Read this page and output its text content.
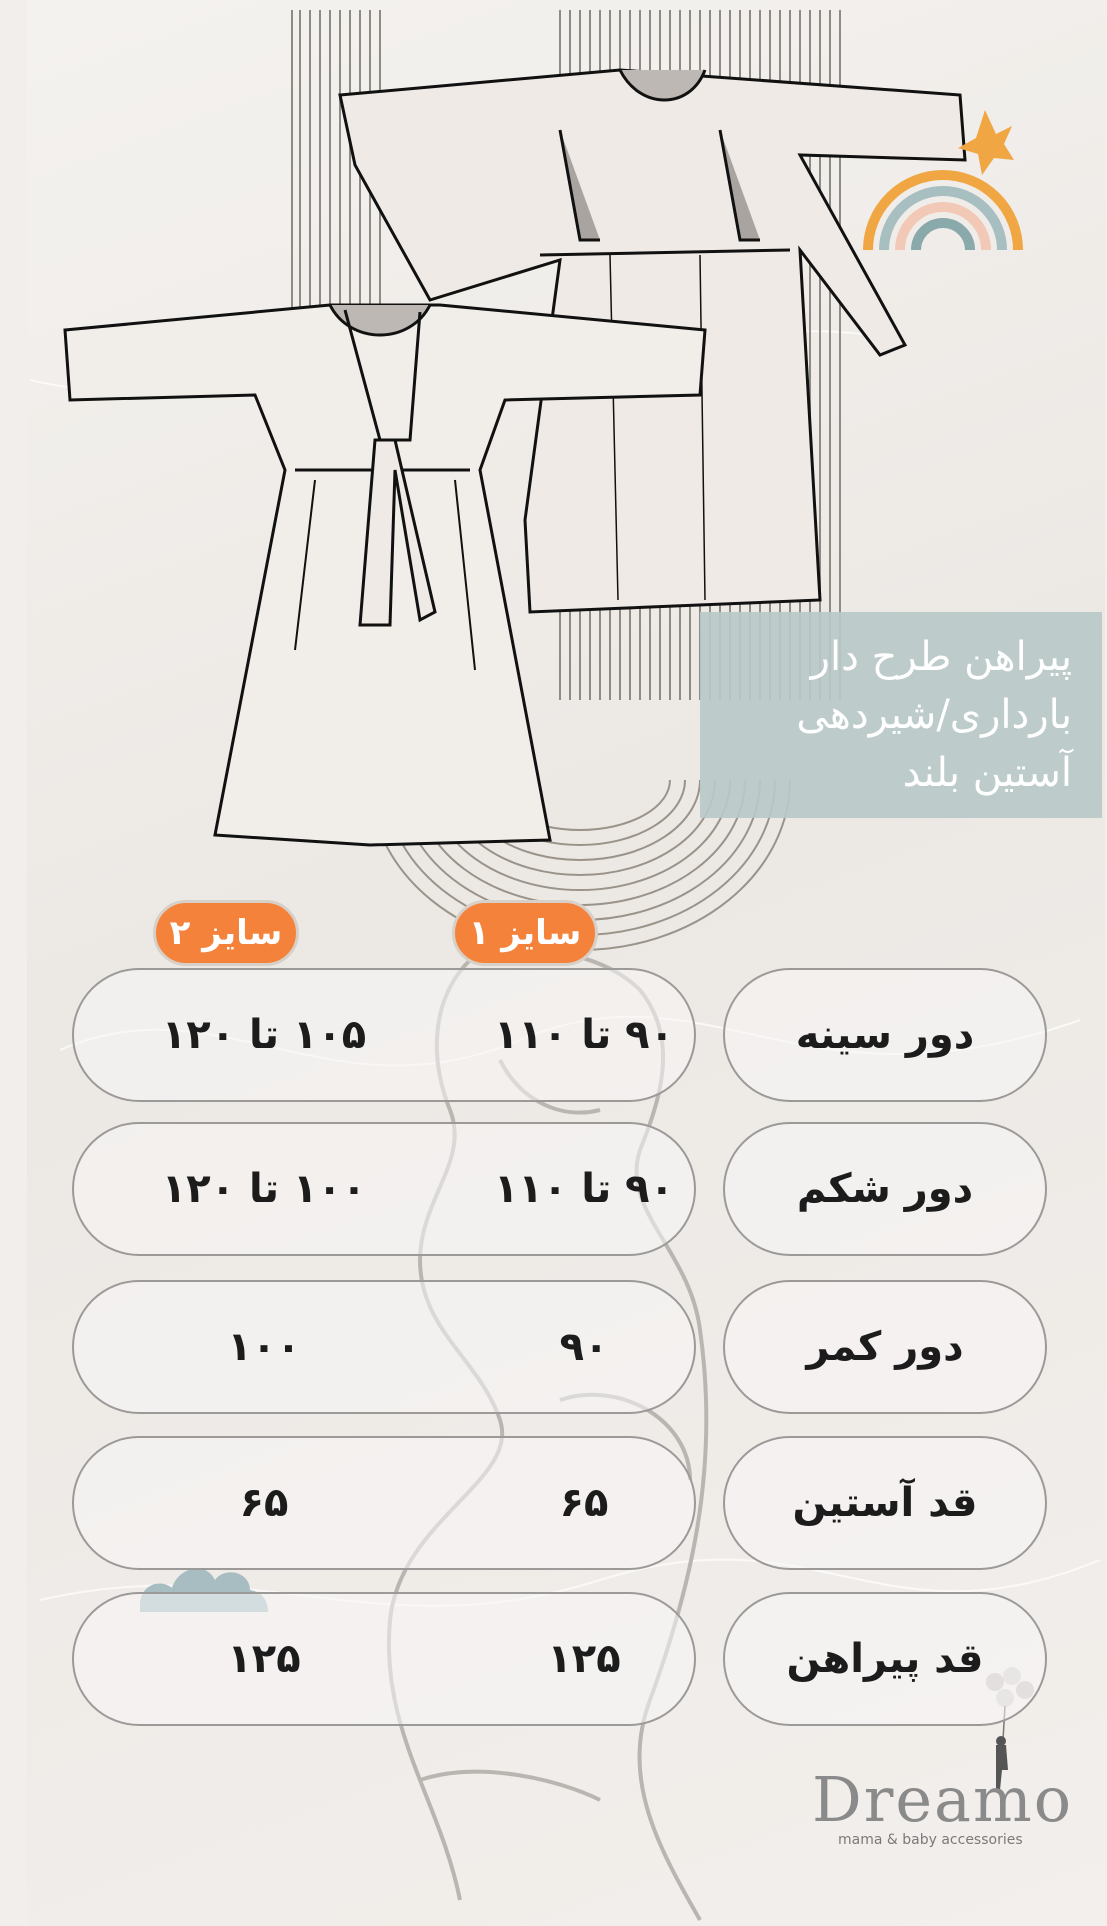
پیراهن طرح دار
بارداری/شیردهی
آستین بلند
سایز ۱
سایز ۲
دور سینه
۹۰ تا ۱۱۰
۱۰۵ تا ۱۲۰
دور شکم
۹۰ تا ۱۱۰
۱۰۰ تا ۱۲۰
دور کمر
۹۰
۱۰۰
قد آستین
۶۵
۶۵
قد پیراهن
۱۲۵
۱۲۵
Dreamo
mama & baby accessories
